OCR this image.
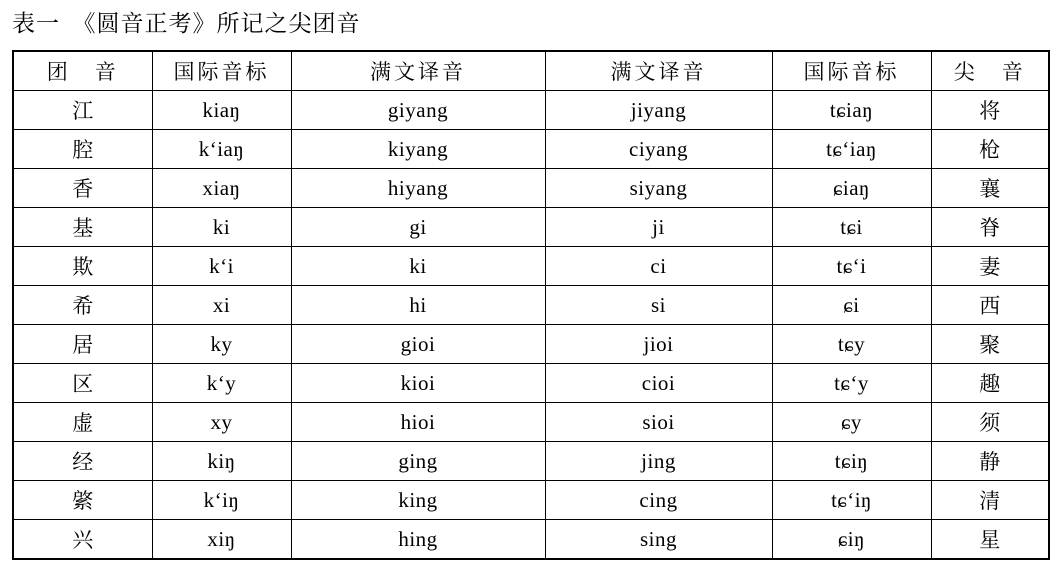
表一　《圆音正考》所记之尖团音
团　音	国际音标	满文译音	满文译音	国际音标	尖　音
江	kiaŋ	giyang	jiyang	tɕiaŋ	将
腔	k‘iaŋ	kiyang	ciyang	tɕ‘iaŋ	枪
香	xiaŋ	hiyang	siyang	ɕiaŋ	襄
基	ki	gi	ji	tɕi	脊
欺	k‘i	ki	ci	tɕ‘i	妻
希	xi	hi	si	ɕi	西
居	ky	gioi	jioi	tɕy	聚
区	k‘y	kioi	cioi	tɕ‘y	趣
虚	xy	hioi	sioi	ɕy	须
经	kiŋ	ging	jing	tɕiŋ	静
綮	k‘iŋ	king	cing	tɕ‘iŋ	清
兴	xiŋ	hing	sing	ɕiŋ	星
